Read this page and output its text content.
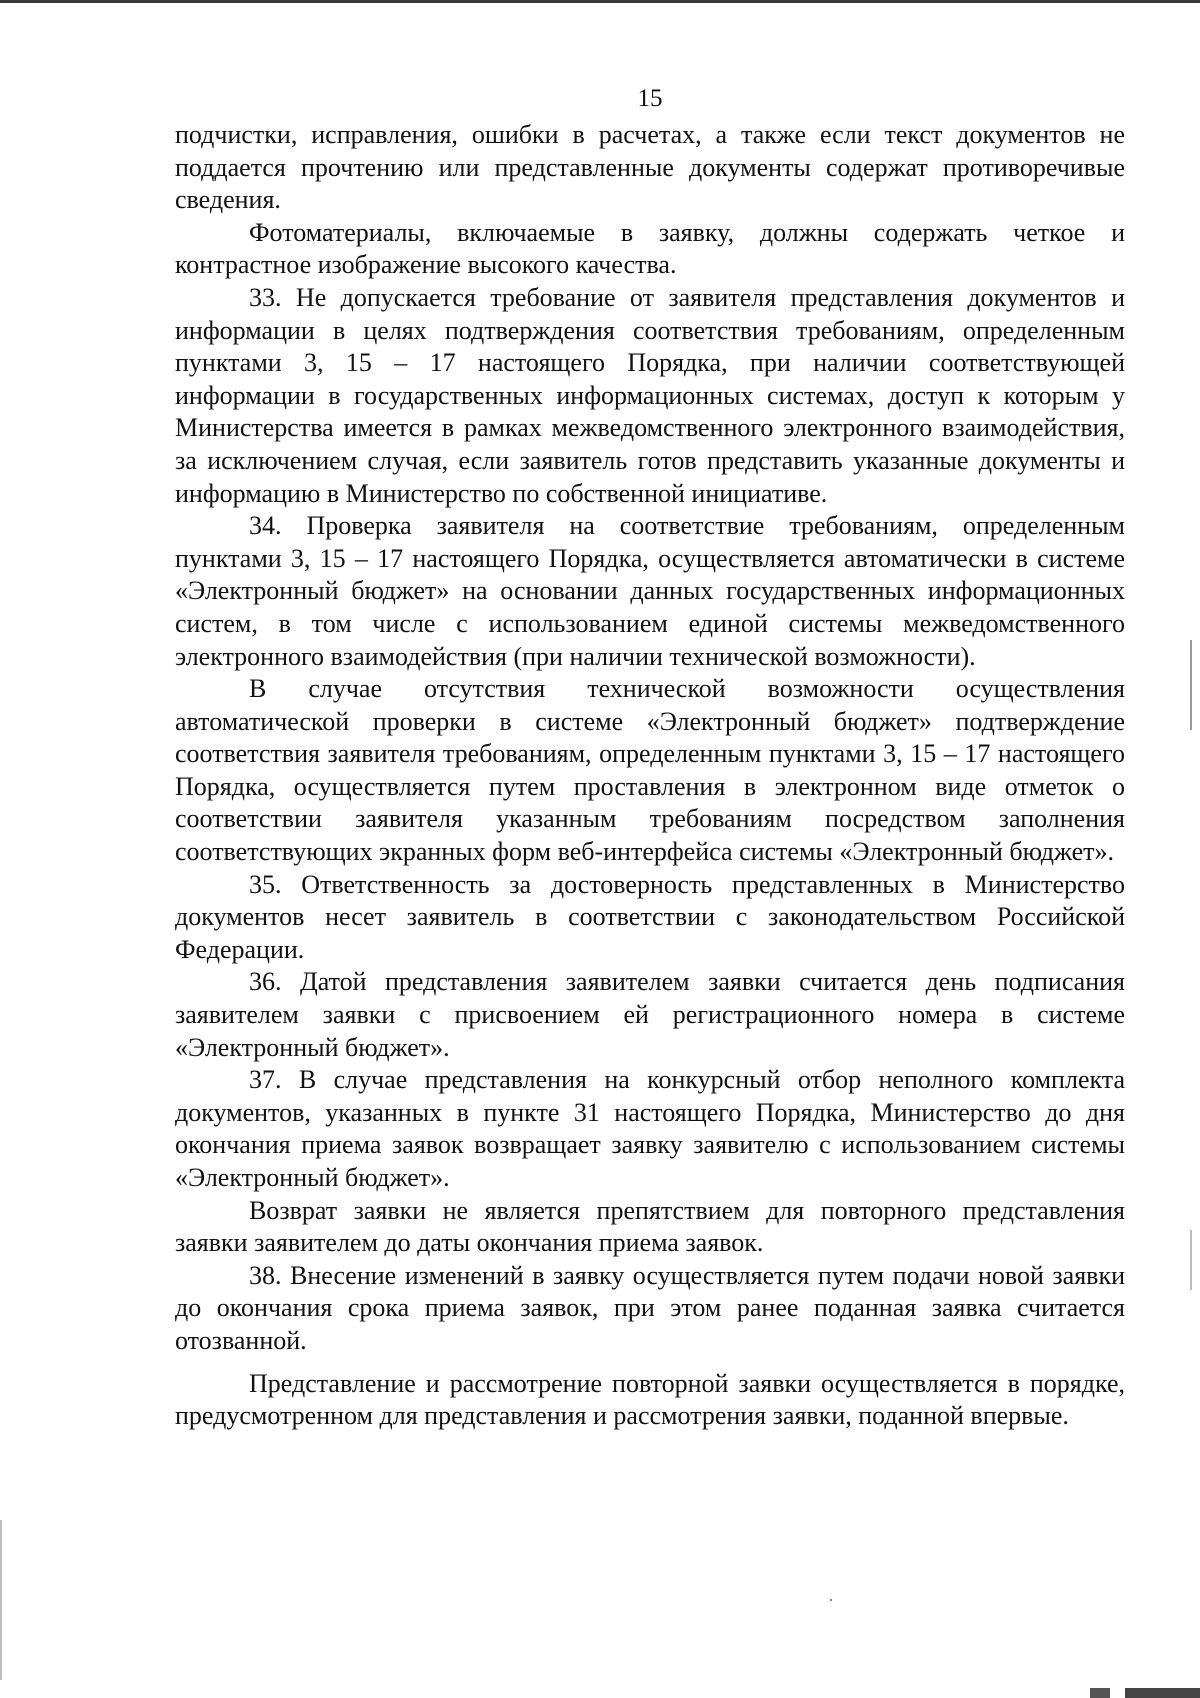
15

подчистки, исправления, ошибки в расчетах, а также если текст документов не поддается прочтению или представленные документы содержат противоречивые сведения.

Фотоматериалы, включаемые в заявку, должны содержать четкое и контрастное изображение высокого качества.

33. Не допускается требование от заявителя представления документов и информации в целях подтверждения соответствия требованиям, определенным пунктами 3, 15 – 17 настоящего Порядка, при наличии соответствующей информации в государственных информационных системах, доступ к которым у Министерства имеется в рамках межведомственного электронного взаимодействия, за исключением случая, если заявитель готов представить указанные документы и информацию в Министерство по собственной инициативе.

34. Проверка заявителя на соответствие требованиям, определенным пунктами 3, 15 – 17 настоящего Порядка, осуществляется автоматически в системе «Электронный бюджет» на основании данных государственных информационных систем, в том числе с использованием единой системы межведомственного электронного взаимодействия (при наличии технической возможности).

В случае отсутствия технической возможности осуществления автоматической проверки в системе «Электронный бюджет» подтверждение соответствия заявителя требованиям, определенным пунктами 3, 15 – 17 настоящего Порядка, осуществляется путем проставления в электронном виде отметок о соответствии заявителя указанным требованиям посредством заполнения соответствующих экранных форм веб-интерфейса системы «Электронный бюджет».

35. Ответственность за достоверность представленных в Министерство документов несет заявитель в соответствии с законодательством Российской Федерации.

36. Датой представления заявителем заявки считается день подписания заявителем заявки с присвоением ей регистрационного номера в системе «Электронный бюджет».

37. В случае представления на конкурсный отбор неполного комплекта документов, указанных в пункте 31 настоящего Порядка, Министерство до дня окончания приема заявок возвращает заявку заявителю с использованием системы «Электронный бюджет».

Возврат заявки не является препятствием для повторного представления заявки заявителем до даты окончания приема заявок.

38. Внесение изменений в заявку осуществляется путем подачи новой заявки до окончания срока приема заявок, при этом ранее поданная заявка считается отозванной.

Представление и рассмотрение повторной заявки осуществляется в порядке, предусмотренном для представления и рассмотрения заявки, поданной впервые.
